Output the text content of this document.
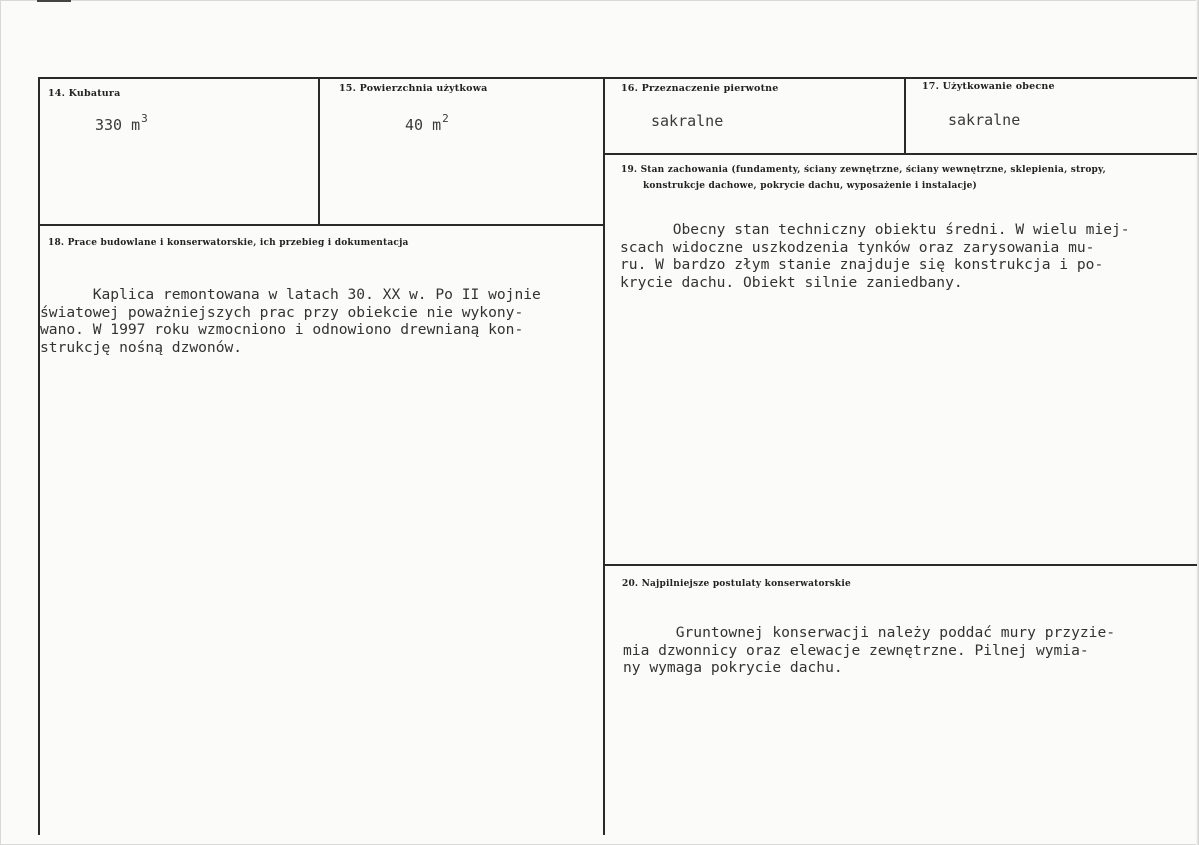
14. Kubatura
330 $m^3$
15. Powierzchnia użytkowa
40 $m^2$
16. Przeznaczenie pierwotne
sakralne
17. Użytkowanie obecne
sakralne
19. Stan zachowania (fundamenty, ściany zewnętrzne, ściany wewnętrzne, sklepienia, stropy,
konstrukcje dachowe, pokrycie dachu, wyposażenie i instalacje)
Obecny stan techniczny obiektu średni. W wielu miej-
scach widoczne uszkodzenia tynków oraz zarysowania mu-
ru. W bardzo złym stanie znajduje się konstrukcja i po-
krycie dachu. Obiekt silnie zaniedbany.
18. Prace budowlane i konserwatorskie, ich przebieg i dokumentacja
Kaplica remontowana w latach 30. XX w. Po II wojnie
światowej poważniejszych prac przy obiekcie nie wykony-
wano. W 1997 roku wzmocniono i odnowiono drewnianą kon-
strukcję nośną dzwonów.
20. Najpilniejsze postulaty konserwatorskie
Gruntownej konserwacji należy poddać mury przyzie-
mia dzwonnicy oraz elewacje zewnętrzne. Pilnej wymia-
ny wymaga pokrycie dachu.
